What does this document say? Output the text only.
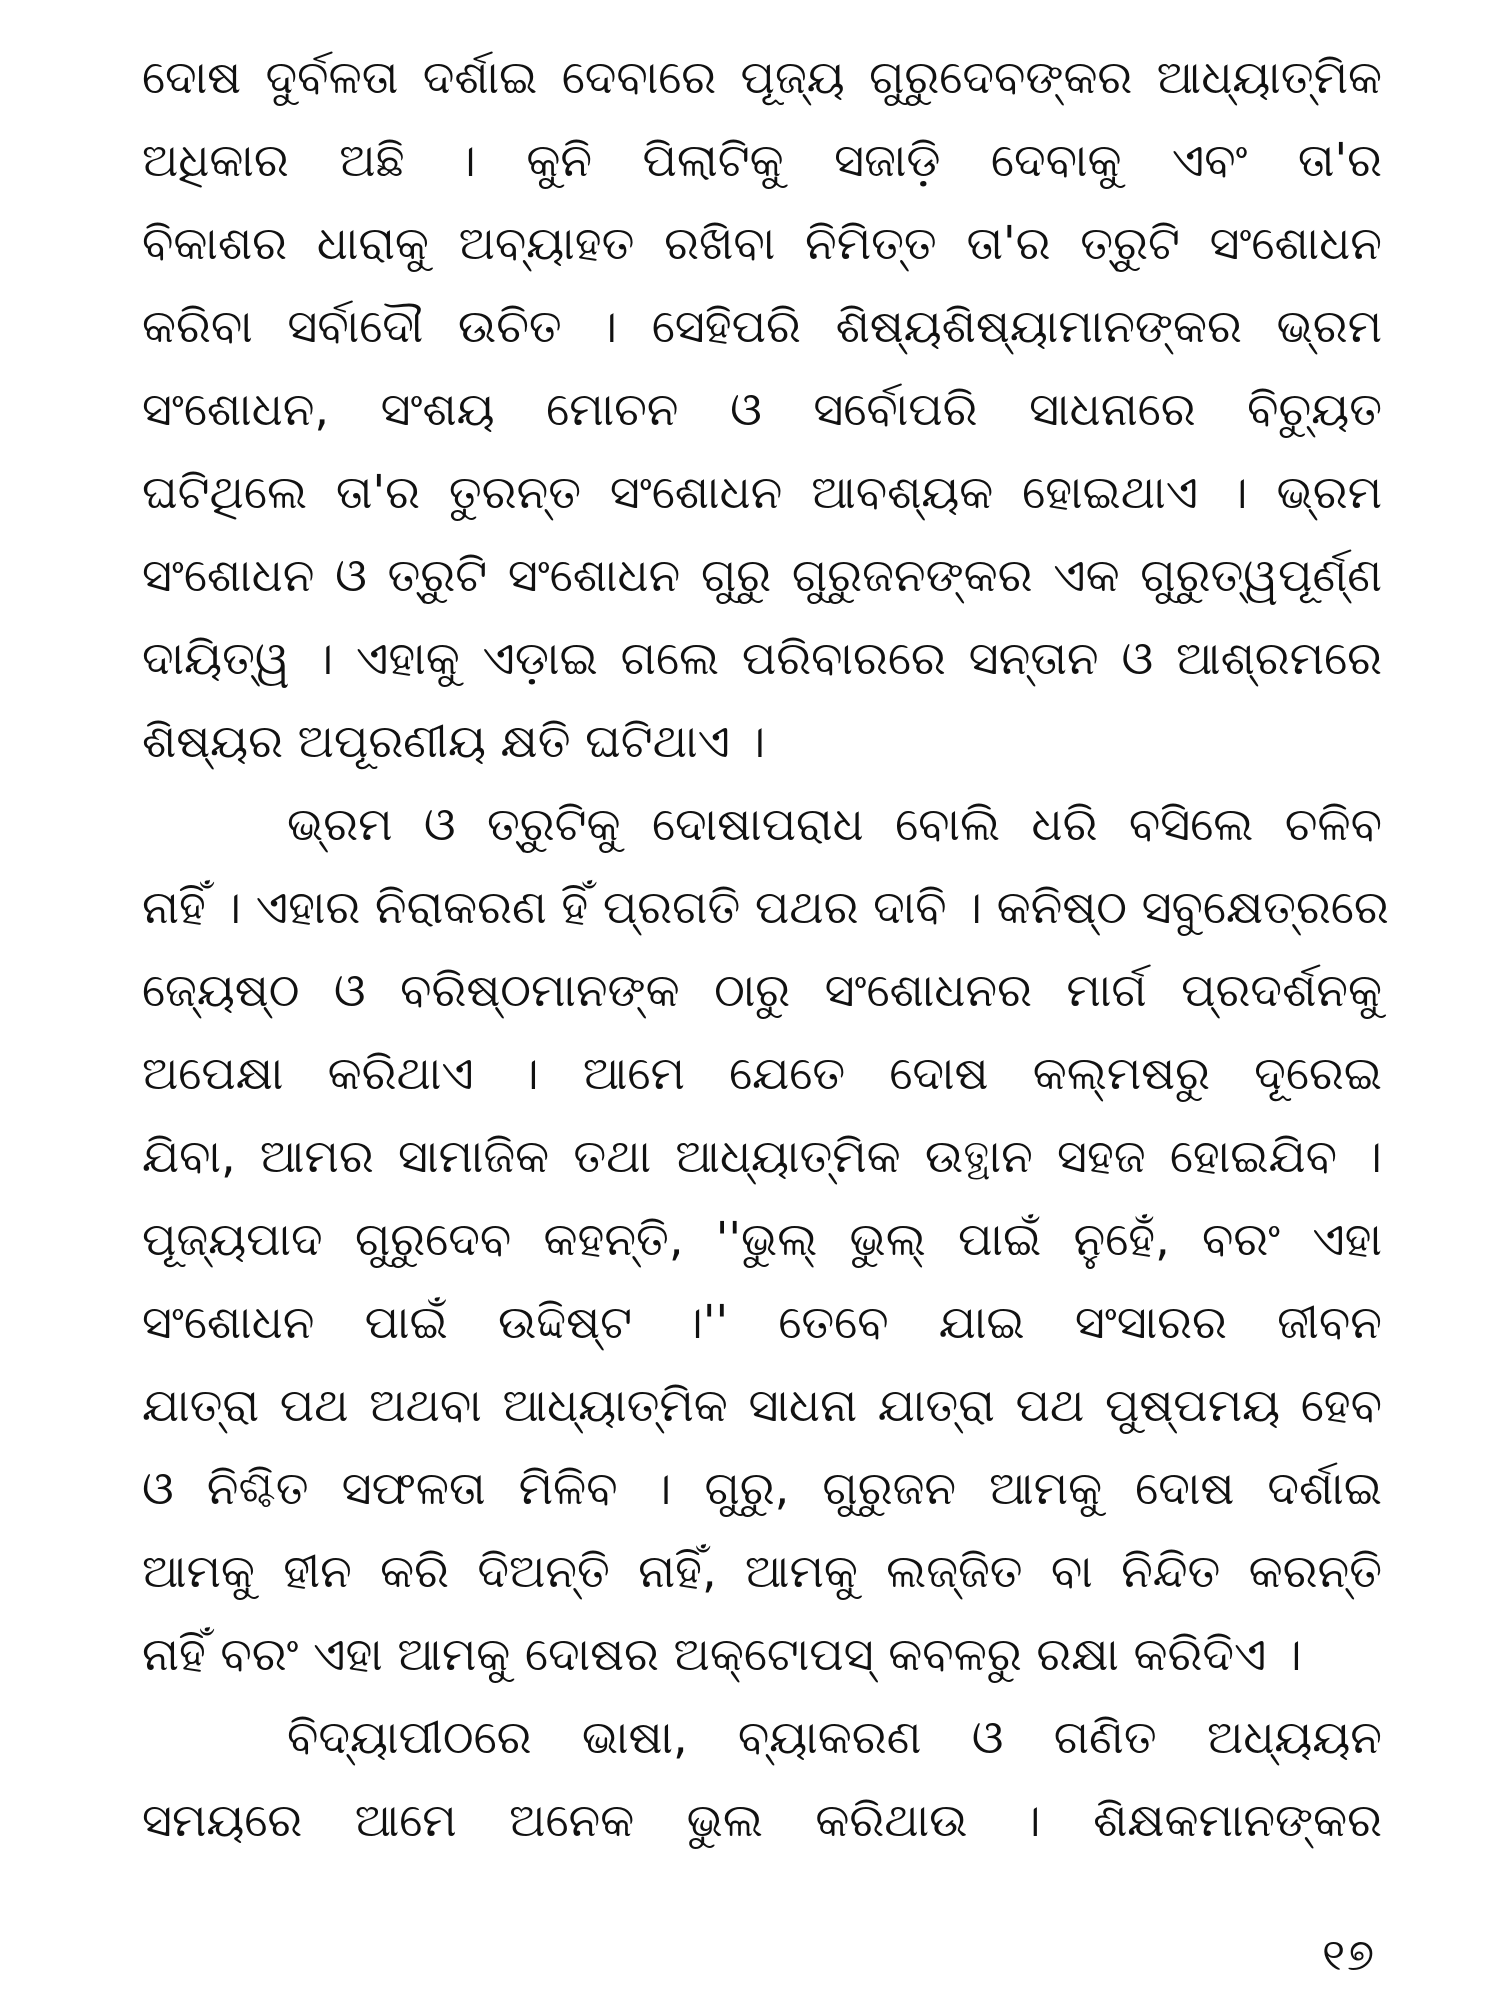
ଦୋଷ ଦୁର୍ବଳତା ଦର୍ଶାଇ ଦେବାରେ ପୂଜ୍ୟ ଗୁରୁଦେବଙ୍କର ଆଧ୍ୟାତ୍ମିକ
ଅଧିକାର ଅଛି । କୁନି ପିଲାଟିକୁ ସଜାଡ଼ି ଦେବାକୁ ଏବଂ ତା'ର
ବିକାଶର ଧାରାକୁ ଅବ୍ୟାହତ ରଖିବା ନିମିତ୍ତ ତା'ର ତ୍ରୁଟି ସଂଶୋଧନ
କରିବା ସର୍ବାଦୌ ଉଚିତ । ସେହିପରି ଶିଷ୍ୟଶିଷ୍ୟାମାନଙ୍କର ଭ୍ରମ
ସଂଶୋଧନ, ସଂଶୟ ମୋଚନ ଓ ସର୍ବୋପରି ସାଧନାରେ ବିଚ୍ୟୁତ
ଘଟିଥିଲେ ତା'ର ତୁରନ୍ତ ସଂଶୋଧନ ଆବଶ୍ୟକ ହୋଇଥାଏ । ଭ୍ରମ
ସଂଶୋଧନ ଓ ତ୍ରୁଟି ସଂଶୋଧନ ଗୁରୁ ଗୁରୁଜନଙ୍କର ଏକ ଗୁରୁତ୍ୱପୂର୍ଣ୍ଣ
ଦାୟିତ୍ୱ । ଏହାକୁ ଏଡ଼ାଇ ଗଲେ ପରିବାରରେ ସନ୍ତାନ ଓ ଆଶ୍ରମରେ
ଶିଷ୍ୟର ଅପୂରଣୀୟ କ୍ଷତି ଘଟିଥାଏ ।
ଭ୍ରମ ଓ ତ୍ରୁଟିକୁ ଦୋଷାପରାଧ ବୋଲି ଧରି ବସିଲେ ଚଳିବ
ନାହିଁ । ଏହାର ନିରାକରଣ ହିଁ ପ୍ରଗତି ପଥର ଦାବି । କନିଷ୍ଠ ସବୁକ୍ଷେତ୍ରରେ
ଜ୍ୟେଷ୍ଠ ଓ ବରିଷ୍ଠମାନଙ୍କ ଠାରୁ ସଂଶୋଧନର ମାର୍ଗ ପ୍ରଦର୍ଶନକୁ
ଅପେକ୍ଷା କରିଥାଏ । ଆମେ ଯେତେ ଦୋଷ କଲ୍ମଷରୁ ଦୂରେଇ
ଯିବା, ଆମର ସାମାଜିକ ତଥା ଆଧ୍ୟାତ୍ମିକ ଉତ୍ଥାନ ସହଜ ହୋଇଯିବ ।
ପୂଜ୍ୟପାଦ ଗୁରୁଦେବ କହନ୍ତି, ''ଭୁଲ୍ ଭୁଲ୍ ପାଇଁ ନୁହେଁ, ବରଂ ଏହା
ସଂଶୋଧନ ପାଇଁ ଉଦ୍ଦିଷ୍ଟ ।'' ତେବେ ଯାଇ ସଂସାରର ଜୀବନ
ଯାତ୍ରା ପଥ ଅଥବା ଆଧ୍ୟାତ୍ମିକ ସାଧନା ଯାତ୍ରା ପଥ ପୁଷ୍ପମୟ ହେବ
ଓ ନିଶ୍ଚିତ ସଫଳତା ମିଳିବ । ଗୁରୁ, ଗୁରୁଜନ ଆମକୁ ଦୋଷ ଦର୍ଶାଇ
ଆମକୁ ହୀନ କରି ଦିଅନ୍ତି ନାହିଁ, ଆମକୁ ଲଜ୍ଜିତ ବା ନିନ୍ଦିତ କରନ୍ତି
ନାହିଁ ବରଂ ଏହା ଆମକୁ ଦୋଷର ଅକ୍ଟୋପସ୍ କବଳରୁ ରକ୍ଷା କରିଦିଏ ।
ବିଦ୍ୟାପୀଠରେ ଭାଷା, ବ୍ୟାକରଣ ଓ ଗଣିତ ଅଧ୍ୟୟନ
ସମୟରେ ଆମେ ଅନେକ ଭୁଲ କରିଥାଉ । ଶିକ୍ଷକମାନଙ୍କର
୧୭
